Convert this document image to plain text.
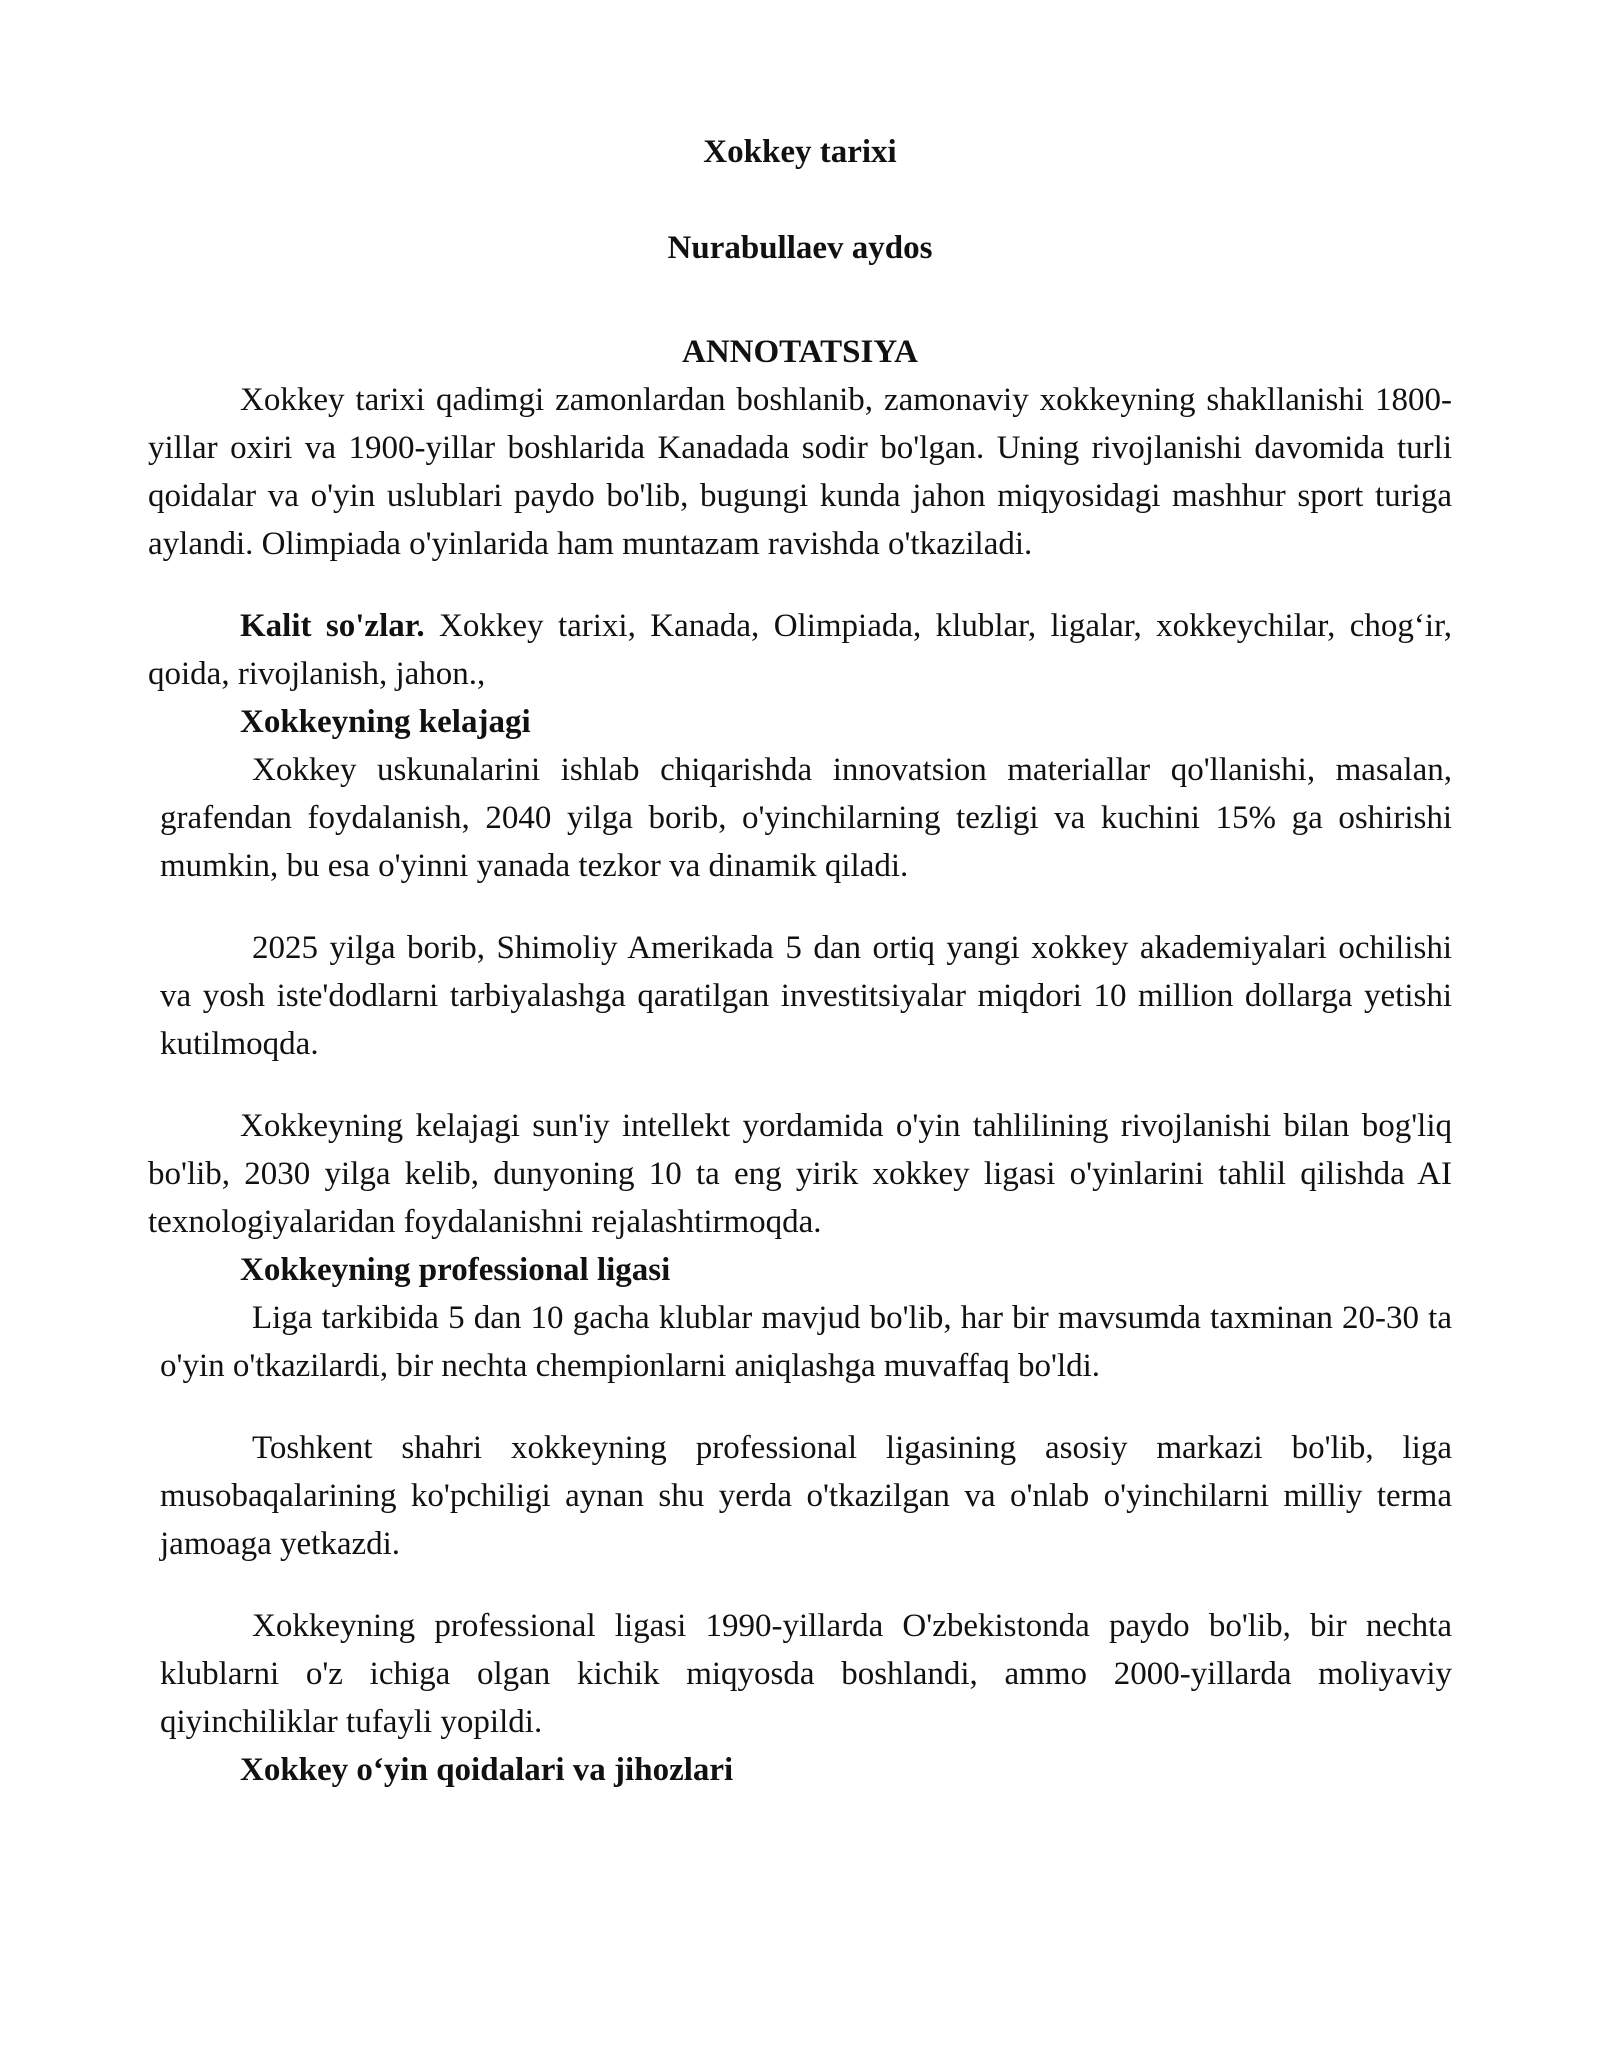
Xokkey tarixi

Nurabullaev aydos

ANNOTATSIYA

Xokkey tarixi qadimgi zamonlardan boshlanib, zamonaviy xokkeyning shakllanishi 1800-yillar oxiri va 1900-yillar boshlarida Kanadada sodir bo'lgan. Uning rivojlanishi davomida turli qoidalar va o'yin uslublari paydo bo'lib, bugungi kunda jahon miqyosidagi mashhur sport turiga aylandi. Olimpiada o'yinlarida ham muntazam ravishda o'tkaziladi.

Kalit so'zlar. Xokkey tarixi, Kanada, Olimpiada, klublar, ligalar, xokkeychilar, chog‘ir, qoida, rivojlanish, jahon.,

Xokkeyning kelajagi

Xokkey uskunalarini ishlab chiqarishda innovatsion materiallar qo'llanishi, masalan, grafendan foydalanish, 2040 yilga borib, o'yinchilarning tezligi va kuchini 15% ga oshirishi mumkin, bu esa o'yinni yanada tezkor va dinamik qiladi.

2025 yilga borib, Shimoliy Amerikada 5 dan ortiq yangi xokkey akademiyalari ochilishi va yosh iste'dodlarni tarbiyalashga qaratilgan investitsiyalar miqdori 10 million dollarga yetishi kutilmoqda.

Xokkeyning kelajagi sun'iy intellekt yordamida o'yin tahlilining rivojlanishi bilan bog'liq bo'lib, 2030 yilga kelib, dunyoning 10 ta eng yirik xokkey ligasi o'yinlarini tahlil qilishda AI texnologiyalaridan foydalanishni rejalashtirmoqda.

Xokkeyning professional ligasi

Liga tarkibida 5 dan 10 gacha klublar mavjud bo'lib, har bir mavsumda taxminan 20-30 ta o'yin o'tkazilardi, bir nechta chempionlarni aniqlashga muvaffaq bo'ldi.

Toshkent shahri xokkeyning professional ligasining asosiy markazi bo'lib, liga musobaqalarining ko'pchiligi aynan shu yerda o'tkazilgan va o'nlab o'yinchilarni milliy terma jamoaga yetkazdi.

Xokkeyning professional ligasi 1990-yillarda O'zbekistonda paydo bo'lib, bir nechta klublarni o'z ichiga olgan kichik miqyosda boshlandi, ammo 2000-yillarda moliyaviy qiyinchiliklar tufayli yopildi.

Xokkey o‘yin qoidalari va jihozlari
